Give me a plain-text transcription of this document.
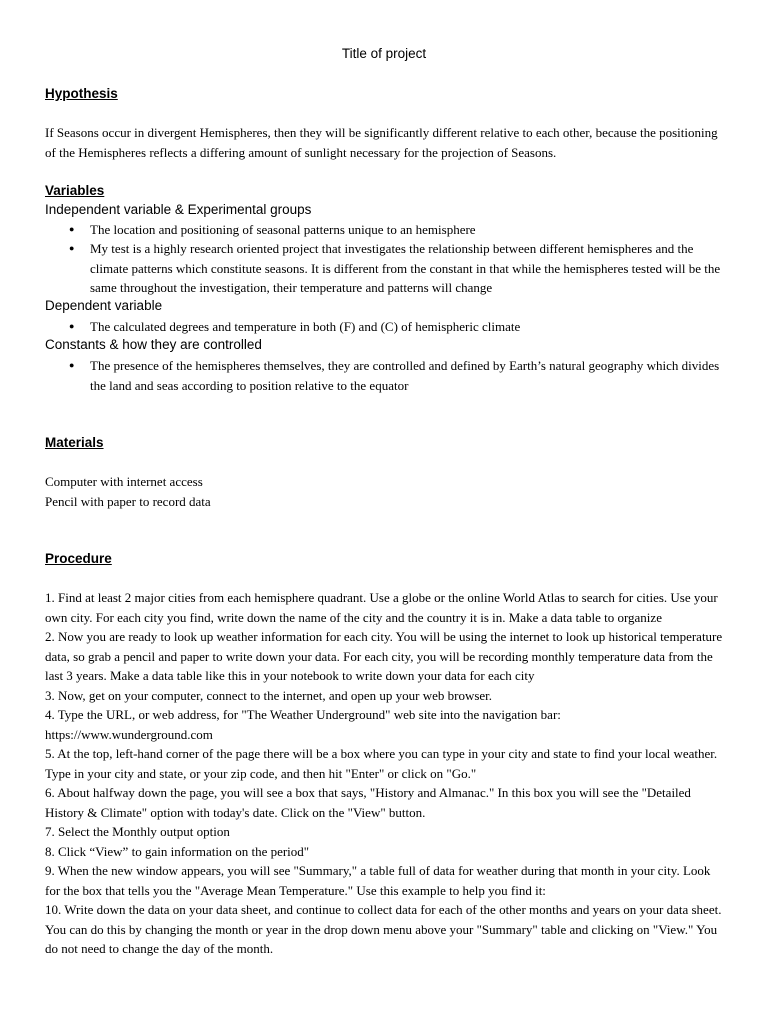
Title of project
Hypothesis
If Seasons occur in divergent Hemispheres, then they will be significantly different relative to each other, because the positioning of the Hemispheres reflects a differing amount of sunlight necessary for the projection of Seasons.
Variables
Independent variable & Experimental groups
● The location and positioning of seasonal patterns unique to an hemisphere
● My test is a highly research oriented project that investigates the relationship between different hemispheres and the climate patterns which constitute seasons. It is different from the constant in that while the hemispheres tested will be the same throughout the investigation, their temperature and patterns will change
Dependent variable
● The calculated degrees and temperature in both (F) and (C) of hemispheric climate
Constants & how they are controlled
● The presence of the hemispheres themselves, they are controlled and defined by Earth’s natural geography which divides the land and seas according to position relative to the equator
Materials
Computer with internet access
Pencil with paper to record data
Procedure
1. Find at least 2 major cities from each hemisphere quadrant. Use a globe or the online World Atlas to search for cities. Use your own city. For each city you find, write down the name of the city and the country it is in. Make a data table to organize
2. Now you are ready to look up weather information for each city. You will be using the internet to look up historical temperature data, so grab a pencil and paper to write down your data. For each city, you will be recording monthly temperature data from the last 3 years. Make a data table like this in your notebook to write down your data for each city
3. Now, get on your computer, connect to the internet, and open up your web browser.
4. Type the URL, or web address, for "The Weather Underground" web site into the navigation bar: https://www.wunderground.com
5. At the top, left-hand corner of the page there will be a box where you can type in your city and state to find your local weather. Type in your city and state, or your zip code, and then hit "Enter" or click on "Go."
6. About halfway down the page, you will see a box that says, "History and Almanac." In this box you will see the "Detailed History & Climate" option with today's date. Click on the "View" button.
7. Select the Monthly output option
8. Click “View” to gain information on the period"
9. When the new window appears, you will see "Summary," a table full of data for weather during that month in your city. Look for the box that tells you the "Average Mean Temperature." Use this example to help you find it:
10. Write down the data on your data sheet, and continue to collect data for each of the other months and years on your data sheet. You can do this by changing the month or year in the drop down menu above your "Summary" table and clicking on "View." You do not need to change the day of the month.
